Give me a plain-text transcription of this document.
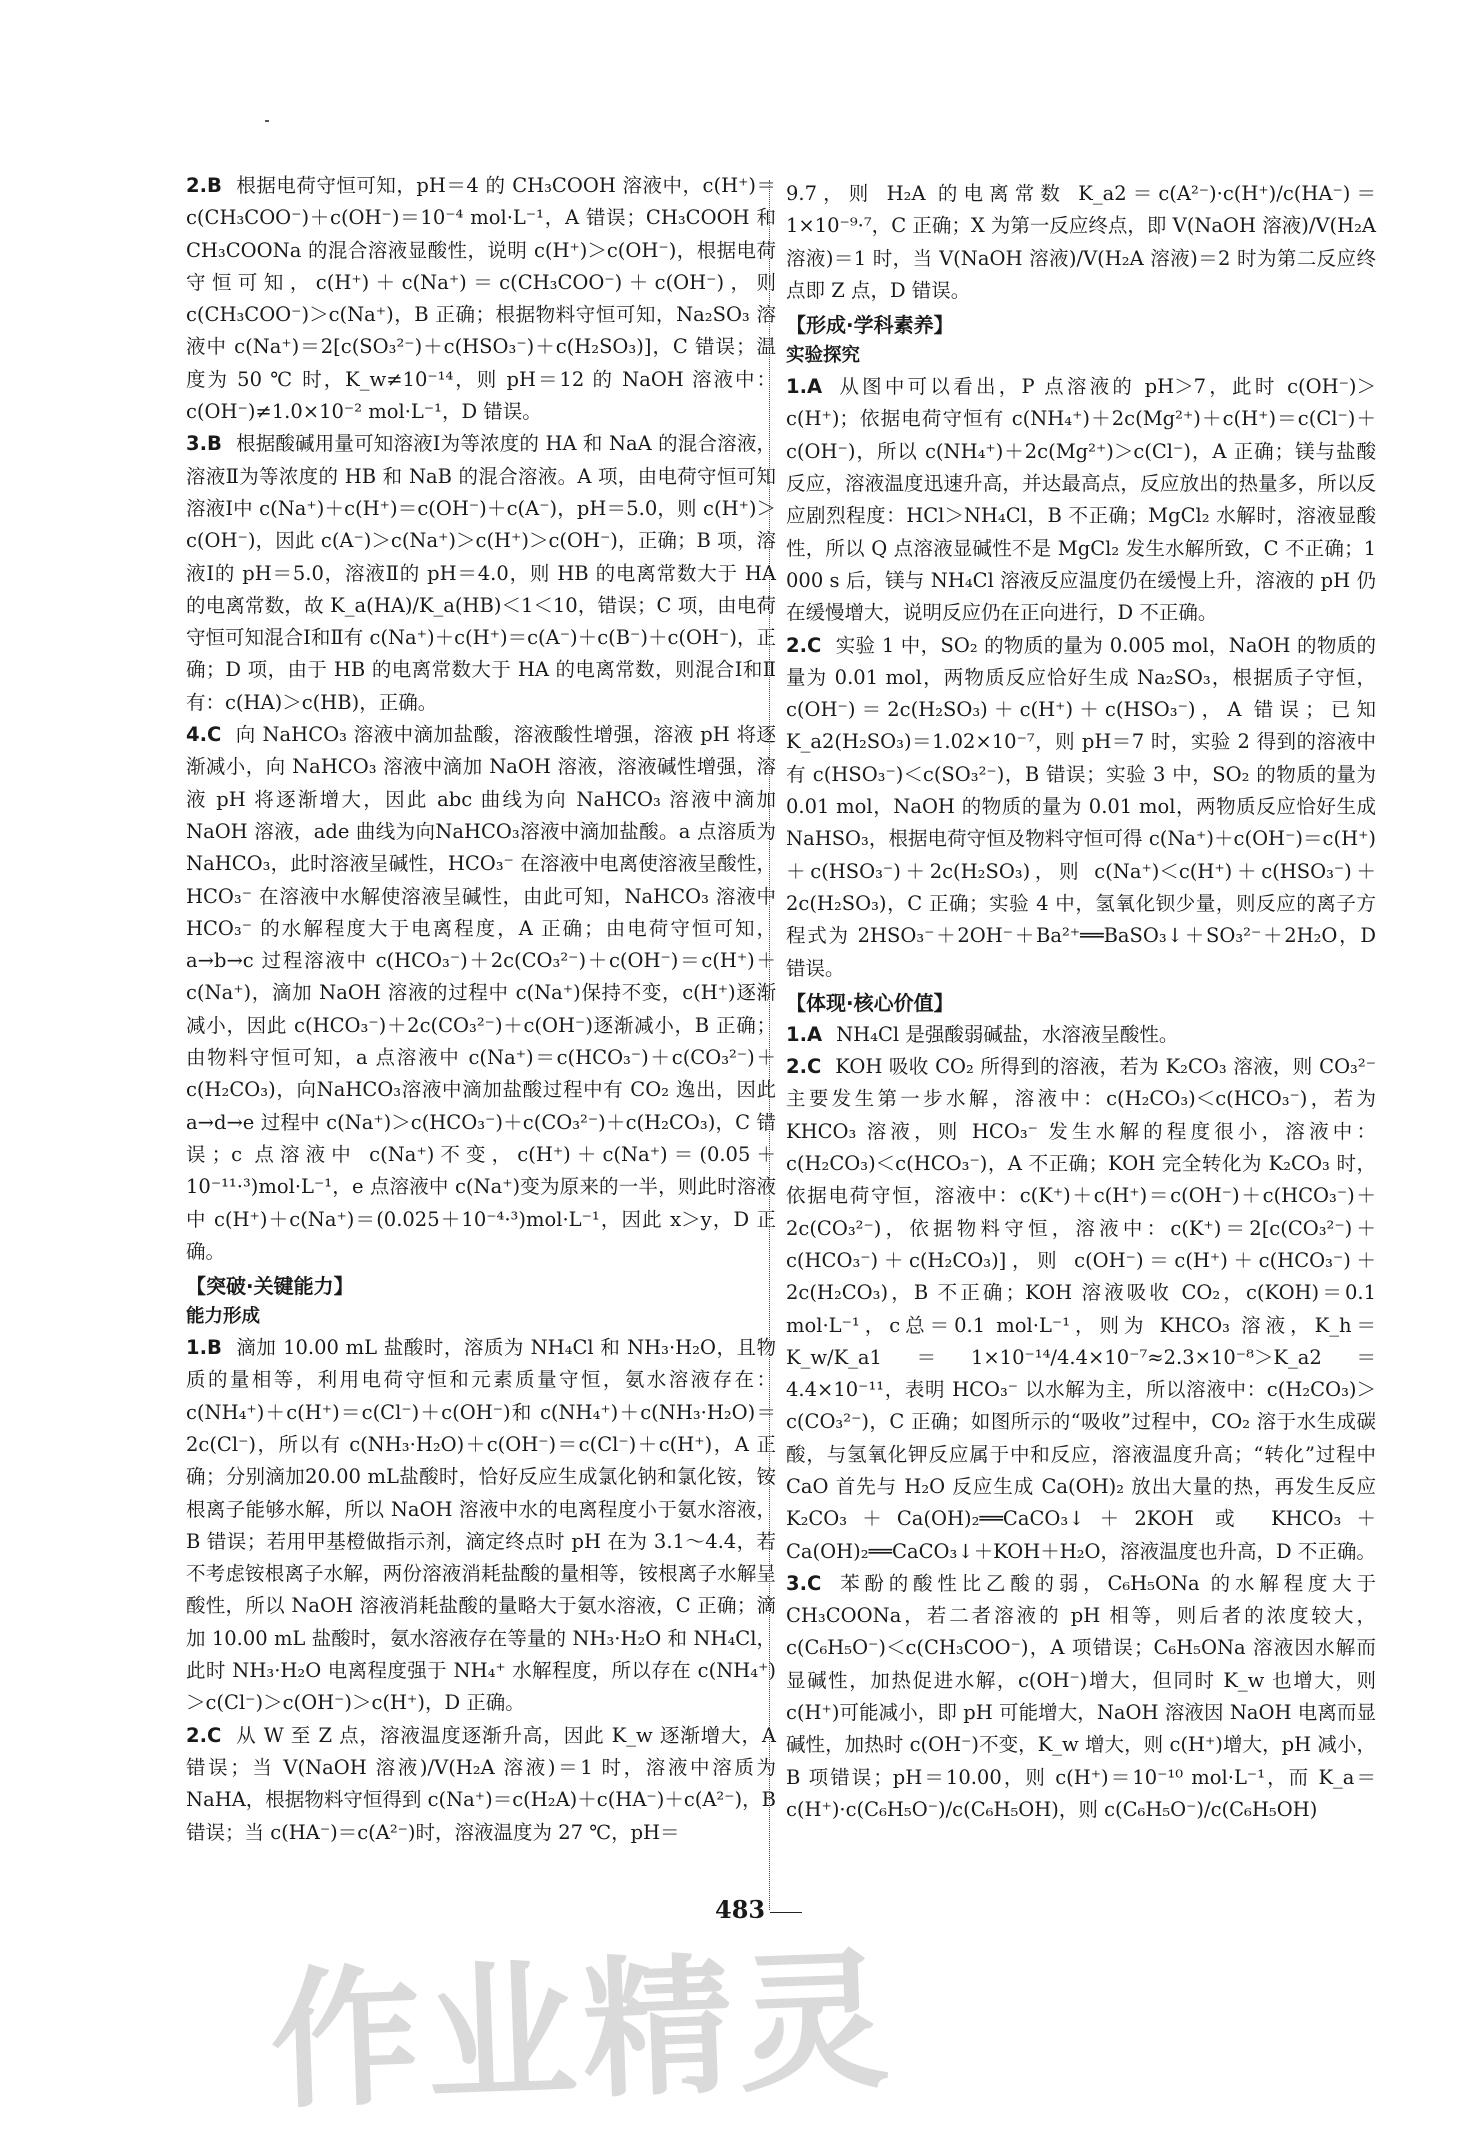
2.B 根据电荷守恒可知，pH＝4 的 CH₃COOH 溶液中，c(H⁺)＝c(CH₃COO⁻)＋c(OH⁻)＝10⁻⁴ mol·L⁻¹，A 错误；CH₃COOH 和 CH₃COONa 的混合溶液显酸性，说明 c(H⁺)＞c(OH⁻)，根据电荷守恒可知，c(H⁺)＋c(Na⁺)＝c(CH₃COO⁻)＋c(OH⁻)，则 c(CH₃COO⁻)＞c(Na⁺)，B 正确；根据物料守恒可知，Na₂SO₃ 溶液中 c(Na⁺)＝2[c(SO₃²⁻)＋c(HSO₃⁻)＋c(H₂SO₃)]，C 错误；温度为 50 ℃ 时，K_w≠10⁻¹⁴，则 pH＝12 的 NaOH 溶液中：c(OH⁻)≠1.0×10⁻² mol·L⁻¹，D 错误。

3.B 根据酸碱用量可知溶液Ⅰ为等浓度的 HA 和 NaA 的混合溶液，溶液Ⅱ为等浓度的 HB 和 NaB 的混合溶液。A 项，由电荷守恒可知溶液Ⅰ中 c(Na⁺)＋c(H⁺)＝c(OH⁻)＋c(A⁻)，pH＝5.0，则 c(H⁺)＞c(OH⁻)，因此 c(A⁻)＞c(Na⁺)＞c(H⁺)＞c(OH⁻)，正确；B 项，溶液Ⅰ的 pH＝5.0，溶液Ⅱ的 pH＝4.0，则 HB 的电离常数大于 HA 的电离常数，故 K_a(HA)/K_a(HB)＜1＜10，错误；C 项，由电荷守恒可知混合Ⅰ和Ⅱ有 c(Na⁺)＋c(H⁺)＝c(A⁻)＋c(B⁻)＋c(OH⁻)，正确；D 项，由于 HB 的电离常数大于 HA 的电离常数，则混合Ⅰ和Ⅱ有：c(HA)＞c(HB)，正确。

4.C 向 NaHCO₃ 溶液中滴加盐酸，溶液酸性增强，溶液 pH 将逐渐减小，向 NaHCO₃ 溶液中滴加 NaOH 溶液，溶液碱性增强，溶液 pH 将逐渐增大，因此 abc 曲线为向 NaHCO₃ 溶液中滴加 NaOH 溶液，ade 曲线为向NaHCO₃溶液中滴加盐酸。a 点溶质为NaHCO₃，此时溶液呈碱性，HCO₃⁻ 在溶液中电离使溶液呈酸性，HCO₃⁻ 在溶液中水解使溶液呈碱性，由此可知，NaHCO₃ 溶液中 HCO₃⁻ 的水解程度大于电离程度，A 正确；由电荷守恒可知，a→b→c 过程溶液中 c(HCO₃⁻)＋2c(CO₃²⁻)＋c(OH⁻)＝c(H⁺)＋c(Na⁺)，滴加 NaOH 溶液的过程中 c(Na⁺)保持不变，c(H⁺)逐渐减小，因此 c(HCO₃⁻)＋2c(CO₃²⁻)＋c(OH⁻)逐渐减小，B 正确；由物料守恒可知，a 点溶液中 c(Na⁺)＝c(HCO₃⁻)＋c(CO₃²⁻)＋c(H₂CO₃)，向NaHCO₃溶液中滴加盐酸过程中有 CO₂ 逸出，因此 a→d→e 过程中 c(Na⁺)＞c(HCO₃⁻)＋c(CO₃²⁻)＋c(H₂CO₃)，C 错误；c 点溶液中 c(Na⁺)不变，c(H⁺)＋c(Na⁺)＝(0.05＋10⁻¹¹·³)mol·L⁻¹，e 点溶液中 c(Na⁺)变为原来的一半，则此时溶液中 c(H⁺)＋c(Na⁺)＝(0.025＋10⁻⁴·³)mol·L⁻¹，因此 x＞y，D 正确。

【突破·关键能力】
能力形成

1.B 滴加 10.00 mL 盐酸时，溶质为 NH₄Cl 和 NH₃·H₂O，且物质的量相等，利用电荷守恒和元素质量守恒，氨水溶液存在：c(NH₄⁺)＋c(H⁺)＝c(Cl⁻)＋c(OH⁻)和 c(NH₄⁺)＋c(NH₃·H₂O)＝2c(Cl⁻)，所以有 c(NH₃·H₂O)＋c(OH⁻)＝c(Cl⁻)＋c(H⁺)，A 正确；分别滴加20.00 mL盐酸时，恰好反应生成氯化钠和氯化铵，铵根离子能够水解，所以 NaOH 溶液中水的电离程度小于氨水溶液，B 错误；若用甲基橙做指示剂，滴定终点时 pH 在为 3.1～4.4，若不考虑铵根离子水解，两份溶液消耗盐酸的量相等，铵根离子水解呈酸性，所以 NaOH 溶液消耗盐酸的量略大于氨水溶液，C 正确；滴加 10.00 mL 盐酸时，氨水溶液存在等量的 NH₃·H₂O 和 NH₄Cl，此时 NH₃·H₂O 电离程度强于 NH₄⁺ 水解程度，所以存在 c(NH₄⁺)＞c(Cl⁻)＞c(OH⁻)＞c(H⁺)，D 正确。

2.C 从 W 至 Z 点，溶液温度逐渐升高，因此 K_w 逐渐增大，A 错误；当 V(NaOH 溶液)/V(H₂A 溶液)＝1 时，溶液中溶质为 NaHA，根据物料守恒得到 c(Na⁺)＝c(H₂A)＋c(HA⁻)＋c(A²⁻)，B 错误；当 c(HA⁻)＝c(A²⁻)时，溶液温度为 27 ℃，pH＝

9.7，则 H₂A 的电离常数 K_a2＝c(A²⁻)·c(H⁺)/c(HA⁻)＝1×10⁻⁹·⁷，C 正确；X 为第一反应终点，即 V(NaOH 溶液)/V(H₂A 溶液)＝1 时，当 V(NaOH 溶液)/V(H₂A 溶液)＝2 时为第二反应终点即 Z 点，D 错误。

【形成·学科素养】
实验探究

1.A 从图中可以看出，P 点溶液的 pH＞7，此时 c(OH⁻)＞c(H⁺)；依据电荷守恒有 c(NH₄⁺)＋2c(Mg²⁺)＋c(H⁺)＝c(Cl⁻)＋c(OH⁻)，所以 c(NH₄⁺)＋2c(Mg²⁺)＞c(Cl⁻)，A 正确；镁与盐酸反应，溶液温度迅速升高，并达最高点，反应放出的热量多，所以反应剧烈程度：HCl＞NH₄Cl，B 不正确；MgCl₂ 水解时，溶液显酸性，所以 Q 点溶液显碱性不是 MgCl₂ 发生水解所致，C 不正确；1 000 s 后，镁与 NH₄Cl 溶液反应温度仍在缓慢上升，溶液的 pH 仍在缓慢增大，说明反应仍在正向进行，D 不正确。

2.C 实验 1 中，SO₂ 的物质的量为 0.005 mol，NaOH 的物质的量为 0.01 mol，两物质反应恰好生成 Na₂SO₃，根据质子守恒，c(OH⁻)＝2c(H₂SO₃)＋c(H⁺)＋c(HSO₃⁻)，A 错误；已知 K_a2(H₂SO₃)＝1.02×10⁻⁷，则 pH＝7 时，实验 2 得到的溶液中有 c(HSO₃⁻)＜c(SO₃²⁻)，B 错误；实验 3 中，SO₂ 的物质的量为 0.01 mol，NaOH 的物质的量为 0.01 mol，两物质反应恰好生成 NaHSO₃，根据电荷守恒及物料守恒可得 c(Na⁺)＋c(OH⁻)＝c(H⁺)＋c(HSO₃⁻)＋2c(H₂SO₃)，则 c(Na⁺)＜c(H⁺)＋c(HSO₃⁻)＋2c(H₂SO₃)，C 正确；实验 4 中，氢氧化钡少量，则反应的离子方程式为 2HSO₃⁻＋2OH⁻＋Ba²⁺══BaSO₃↓＋SO₃²⁻＋2H₂O，D 错误。

【体现·核心价值】

1.A NH₄Cl 是强酸弱碱盐，水溶液呈酸性。

2.C KOH 吸收 CO₂ 所得到的溶液，若为 K₂CO₃ 溶液，则 CO₃²⁻ 主要发生第一步水解，溶液中：c(H₂CO₃)＜c(HCO₃⁻)，若为 KHCO₃ 溶液，则 HCO₃⁻ 发生水解的程度很小，溶液中：c(H₂CO₃)＜c(HCO₃⁻)，A 不正确；KOH 完全转化为 K₂CO₃ 时，依据电荷守恒，溶液中：c(K⁺)＋c(H⁺)＝c(OH⁻)＋c(HCO₃⁻)＋2c(CO₃²⁻)，依据物料守恒，溶液中：c(K⁺)＝2[c(CO₃²⁻)＋c(HCO₃⁻)＋c(H₂CO₃)]，则 c(OH⁻)＝c(H⁺)＋c(HCO₃⁻)＋2c(H₂CO₃)，B 不正确；KOH 溶液吸收 CO₂，c(KOH)＝0.1 mol·L⁻¹，c总＝0.1 mol·L⁻¹，则为 KHCO₃ 溶液，K_h＝K_w/K_a1＝1×10⁻¹⁴/4.4×10⁻⁷≈2.3×10⁻⁸＞K_a2＝4.4×10⁻¹¹，表明 HCO₃⁻ 以水解为主，所以溶液中：c(H₂CO₃)＞c(CO₃²⁻)，C 正确；如图所示的“吸收”过程中，CO₂ 溶于水生成碳酸，与氢氧化钾反应属于中和反应，溶液温度升高；“转化”过程中 CaO 首先与 H₂O 反应生成 Ca(OH)₂ 放出大量的热，再发生反应 K₂CO₃＋Ca(OH)₂══CaCO₃↓＋2KOH 或 KHCO₃＋Ca(OH)₂══CaCO₃↓＋KOH＋H₂O，溶液温度也升高，D 不正确。

3.C 苯酚的酸性比乙酸的弱，C₆H₅ONa 的水解程度大于 CH₃COONa，若二者溶液的 pH 相等，则后者的浓度较大，c(C₆H₅O⁻)＜c(CH₃COO⁻)，A 项错误；C₆H₅ONa 溶液因水解而显碱性，加热促进水解，c(OH⁻)增大，但同时 K_w 也增大，则 c(H⁺)可能减小，即 pH 可能增大，NaOH 溶液因 NaOH 电离而显碱性，加热时 c(OH⁻)不变，K_w 增大，则 c(H⁺)增大，pH 减小，B 项错误；pH＝10.00，则 c(H⁺)＝10⁻¹⁰ mol·L⁻¹，而 K_a＝c(H⁺)·c(C₆H₅O⁻)/c(C₆H₅OH)，则 c(C₆H₅O⁻)/c(C₆H₅OH)

483
作业精灵
